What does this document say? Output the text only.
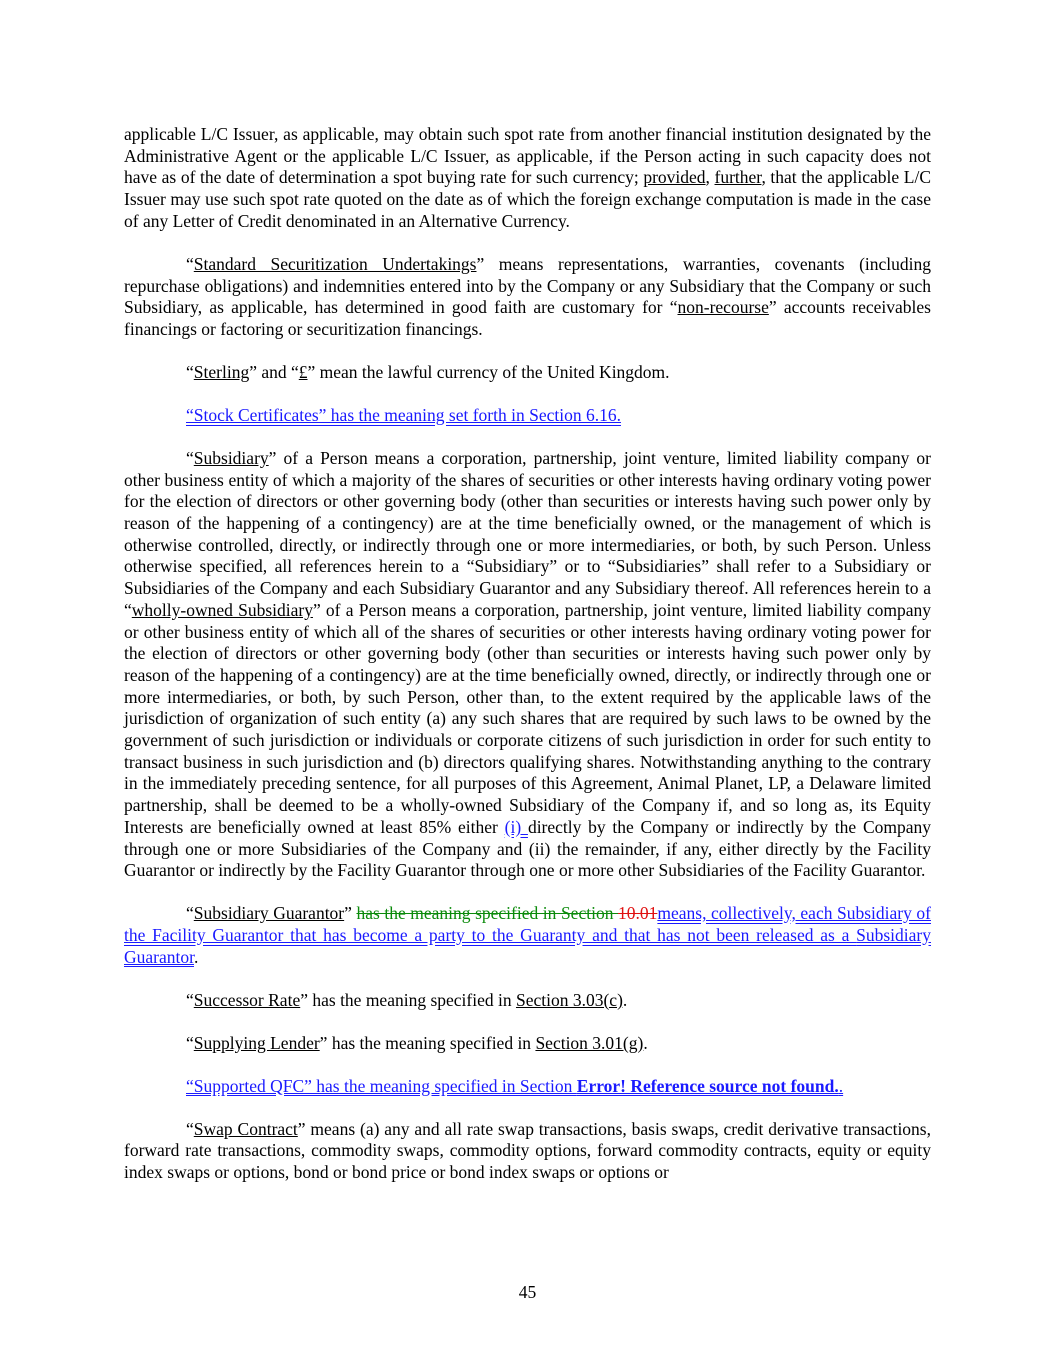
applicable L/C Issuer, as applicable, may obtain such spot rate from another financial institution designated by the Administrative Agent or the applicable L/C Issuer, as applicable, if the Person acting in such capacity does not have as of the date of determination a spot buying rate for such currency; provided, further, that the applicable L/C Issuer may use such spot rate quoted on the date as of which the foreign exchange computation is made in the case of any Letter of Credit denominated in an Alternative Currency.

“Standard Securitization Undertakings” means representations, warranties, covenants (including repurchase obligations) and indemnities entered into by the Company or any Subsidiary that the Company or such Subsidiary, as applicable, has determined in good faith are customary for “non-recourse” accounts receivables financings or factoring or securitization financings.

“Sterling” and “£” mean the lawful currency of the United Kingdom.

“Stock Certificates” has the meaning set forth in Section 6.16.

“Subsidiary” of a Person means a corporation, partnership, joint venture, limited liability company or other business entity of which a majority of the shares of securities or other interests having ordinary voting power for the election of directors or other governing body (other than securities or interests having such power only by reason of the happening of a contingency) are at the time beneficially owned, or the management of which is otherwise controlled, directly, or indirectly through one or more intermediaries, or both, by such Person. Unless otherwise specified, all references herein to a “Subsidiary” or to “Subsidiaries” shall refer to a Subsidiary or Subsidiaries of the Company and each Subsidiary Guarantor and any Subsidiary thereof. All references herein to a “wholly-owned Subsidiary” of a Person means a corporation, partnership, joint venture, limited liability company or other business entity of which all of the shares of securities or other interests having ordinary voting power for the election of directors or other governing body (other than securities or interests having such power only by reason of the happening of a contingency) are at the time beneficially owned, directly, or indirectly through one or more intermediaries, or both, by such Person, other than, to the extent required by the applicable laws of the jurisdiction of organization of such entity (a) any such shares that are required by such laws to be owned by the government of such jurisdiction or individuals or corporate citizens of such jurisdiction in order for such entity to transact business in such jurisdiction and (b) directors qualifying shares. Notwithstanding anything to the contrary in the immediately preceding sentence, for all purposes of this Agreement, Animal Planet, LP, a Delaware limited partnership, shall be deemed to be a wholly-owned Subsidiary of the Company if, and so long as, its Equity Interests are beneficially owned at least 85% either (i) directly by the Company or indirectly by the Company through one or more Subsidiaries of the Company and (ii) the remainder, if any, either directly by the Facility Guarantor or indirectly by the Facility Guarantor through one or more other Subsidiaries of the Facility Guarantor.

“Subsidiary Guarantor” has the meaning specified in Section 10.01means, collectively, each Subsidiary of the Facility Guarantor that has become a party to the Guaranty and that has not been released as a Subsidiary Guarantor.

“Successor Rate” has the meaning specified in Section 3.03(c).

“Supplying Lender” has the meaning specified in Section 3.01(g).

“Supported QFC” has the meaning specified in Section Error! Reference source not found..

“Swap Contract” means (a) any and all rate swap transactions, basis swaps, credit derivative transactions, forward rate transactions, commodity swaps, commodity options, forward commodity contracts, equity or equity index swaps or options, bond or bond price or bond index swaps or options or

45
